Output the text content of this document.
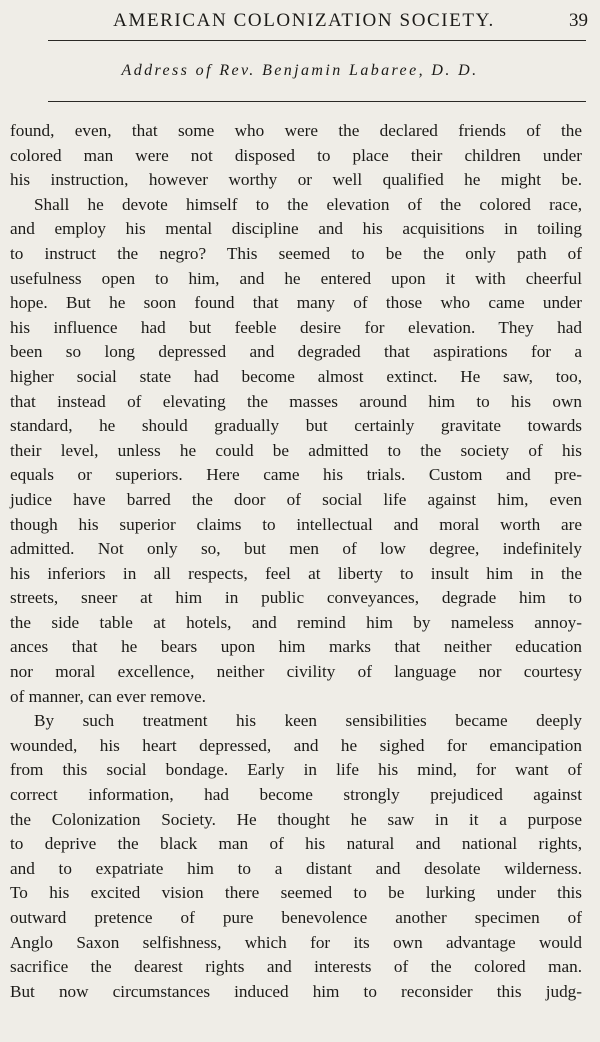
AMERICAN COLONIZATION SOCIETY.	39
Address of Rev. Benjamin Labaree, D. D.
found, even, that some who were the declared friends of the
colored man were not disposed to place their children under
his instruction, however worthy or well qualified he might be.
Shall he devote himself to the elevation of the colored race,
and employ his mental discipline and his acquisitions in toiling
to instruct the negro? This seemed to be the only path of
usefulness open to him, and he entered upon it with cheerful
hope. But he soon found that many of those who came under
his influence had but feeble desire for elevation. They had
been so long depressed and degraded that aspirations for a
higher social state had become almost extinct. He saw, too,
that instead of elevating the masses around him to his own
standard, he should gradually but certainly gravitate towards
their level, unless he could be admitted to the society of his
equals or superiors. Here came his trials. Custom and pre-
judice have barred the door of social life against him, even
though his superior claims to intellectual and moral worth are
admitted. Not only so, but men of low degree, indefinitely
his inferiors in all respects, feel at liberty to insult him in the
streets, sneer at him in public conveyances, degrade him to
the side table at hotels, and remind him by nameless annoy-
ances that he bears upon him marks that neither education
nor moral excellence, neither civility of language nor courtesy
of manner, can ever remove.
By such treatment his keen sensibilities became deeply
wounded, his heart depressed, and he sighed for emancipation
from this social bondage. Early in life his mind, for want of
correct information, had become strongly prejudiced against
the Colonization Society. He thought he saw in it a purpose
to deprive the black man of his natural and national rights,
and to expatriate him to a distant and desolate wilderness.
To his excited vision there seemed to be lurking under this
outward pretence of pure benevolence another specimen of
Anglo Saxon selfishness, which for its own advantage would
sacrifice the dearest rights and interests of the colored man.
But now circumstances induced him to reconsider this judg-
